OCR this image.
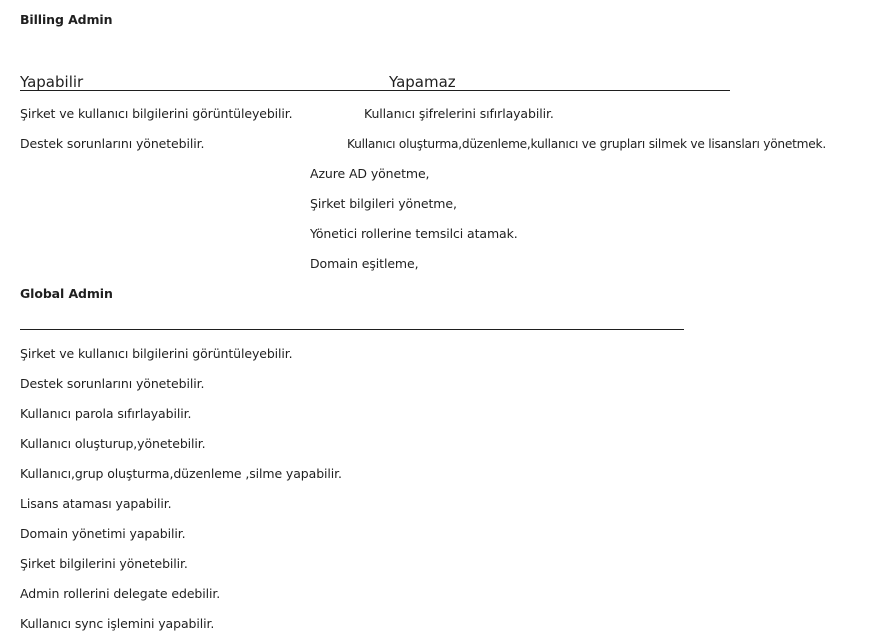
Billing Admin
Yapabilir	Yapamaz
Şirket ve kullanıcı bilgilerini görüntüleyebilir.
Destek sorunlarını yönetebilir.
Kullanıcı şifrelerini sıfırlayabilir.
Kullanıcı oluşturma,düzenleme,kullanıcı ve grupları silmek ve lisansları yönetmek.
Azure AD yönetme,
Şirket bilgileri yönetme,
Yönetici rollerine temsilci atamak.
Domain eşitleme,
Global Admin
Şirket ve kullanıcı bilgilerini görüntüleyebilir.
Destek sorunlarını yönetebilir.
Kullanıcı parola sıfırlayabilir.
Kullanıcı oluşturup,yönetebilir.
Kullanıcı,grup oluşturma,düzenleme ,silme yapabilir.
Lisans ataması yapabilir.
Domain yönetimi yapabilir.
Şirket bilgilerini yönetebilir.
Admin rollerini delegate edebilir.
Kullanıcı sync işlemini yapabilir.
